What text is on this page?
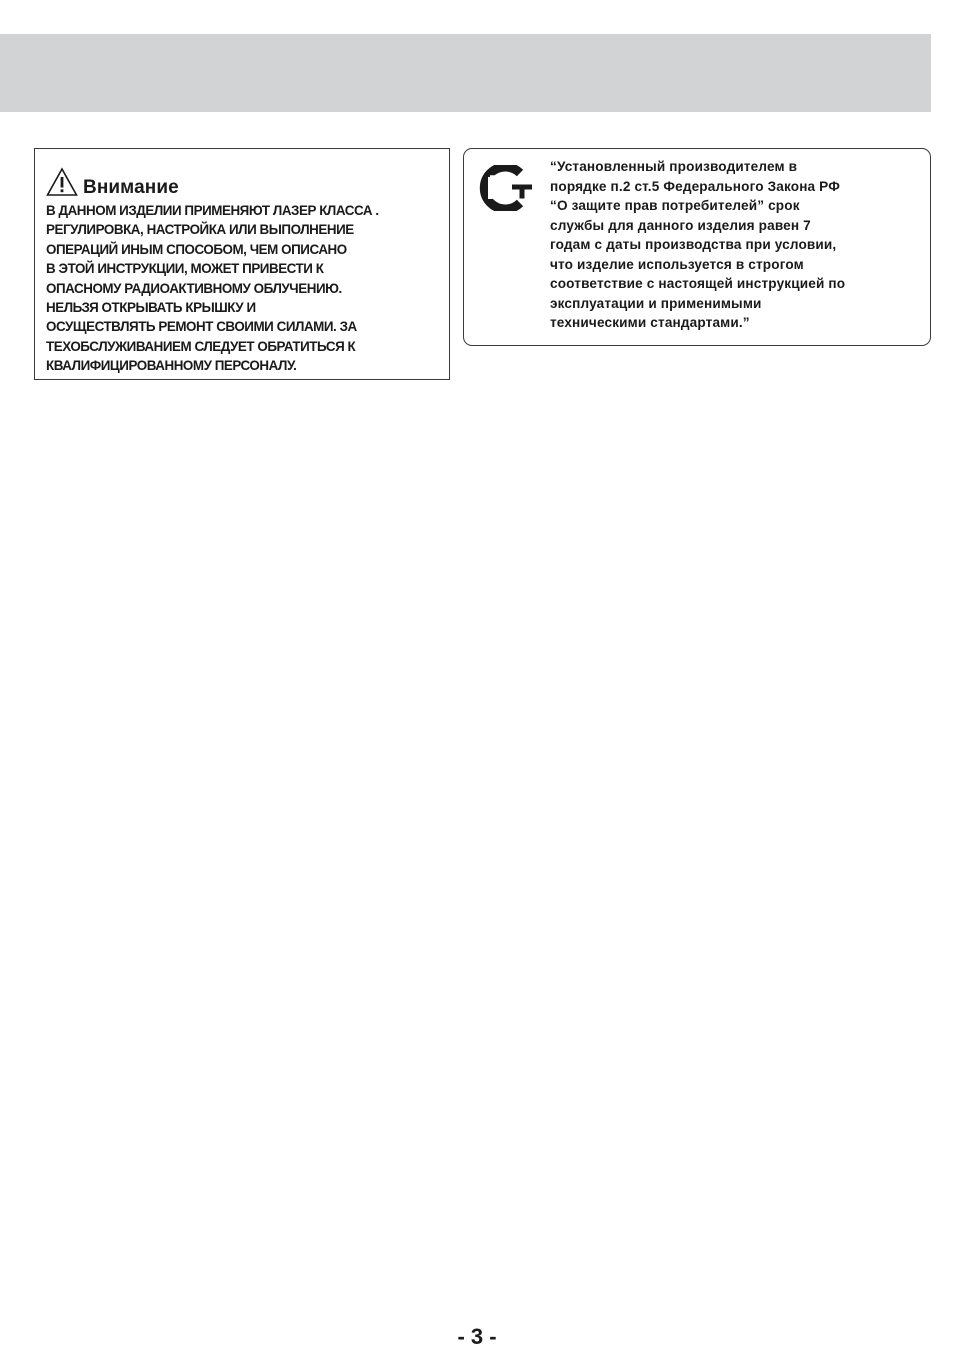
Внимание
В ДАННОМ ИЗДЕЛИИ ПРИМЕНЯЮТ ЛАЗЕР КЛАССА .
РЕГУЛИРОВКА, НАСТРОЙКА ИЛИ ВЫПОЛНЕНИЕ
ОПЕРАЦИЙ ИНЫМ СПОСОБОМ, ЧЕМ ОПИСАНО
В ЭТОЙ ИНСТРУКЦИИ, МОЖЕТ ПРИВЕСТИ К
ОПАСНОМУ РАДИОАКТИВНОМУ ОБЛУЧЕНИЮ.
НЕЛЬЗЯ ОТКРЫВАТЬ КРЫШКУ И
ОСУЩЕСТВЛЯТЬ РЕМОНТ СВОИМИ СИЛАМИ. ЗА
ТЕХОБСЛУЖИВАНИЕМ СЛЕДУЕТ ОБРАТИТЬСЯ К
КВАЛИФИЦИРОВАННОМУ ПЕРСОНАЛУ.
“Установленный производителем в
порядке п.2 ст.5 Федерального Закона РФ
“О защите прав потребителей” срок
службы для данного изделия равен 7
годам с даты производства при условии,
что изделие используется в строгом
соответствие с настоящей инструкцией по
эксплуатации и применимыми
техническими стандартами.”
- 3 -
